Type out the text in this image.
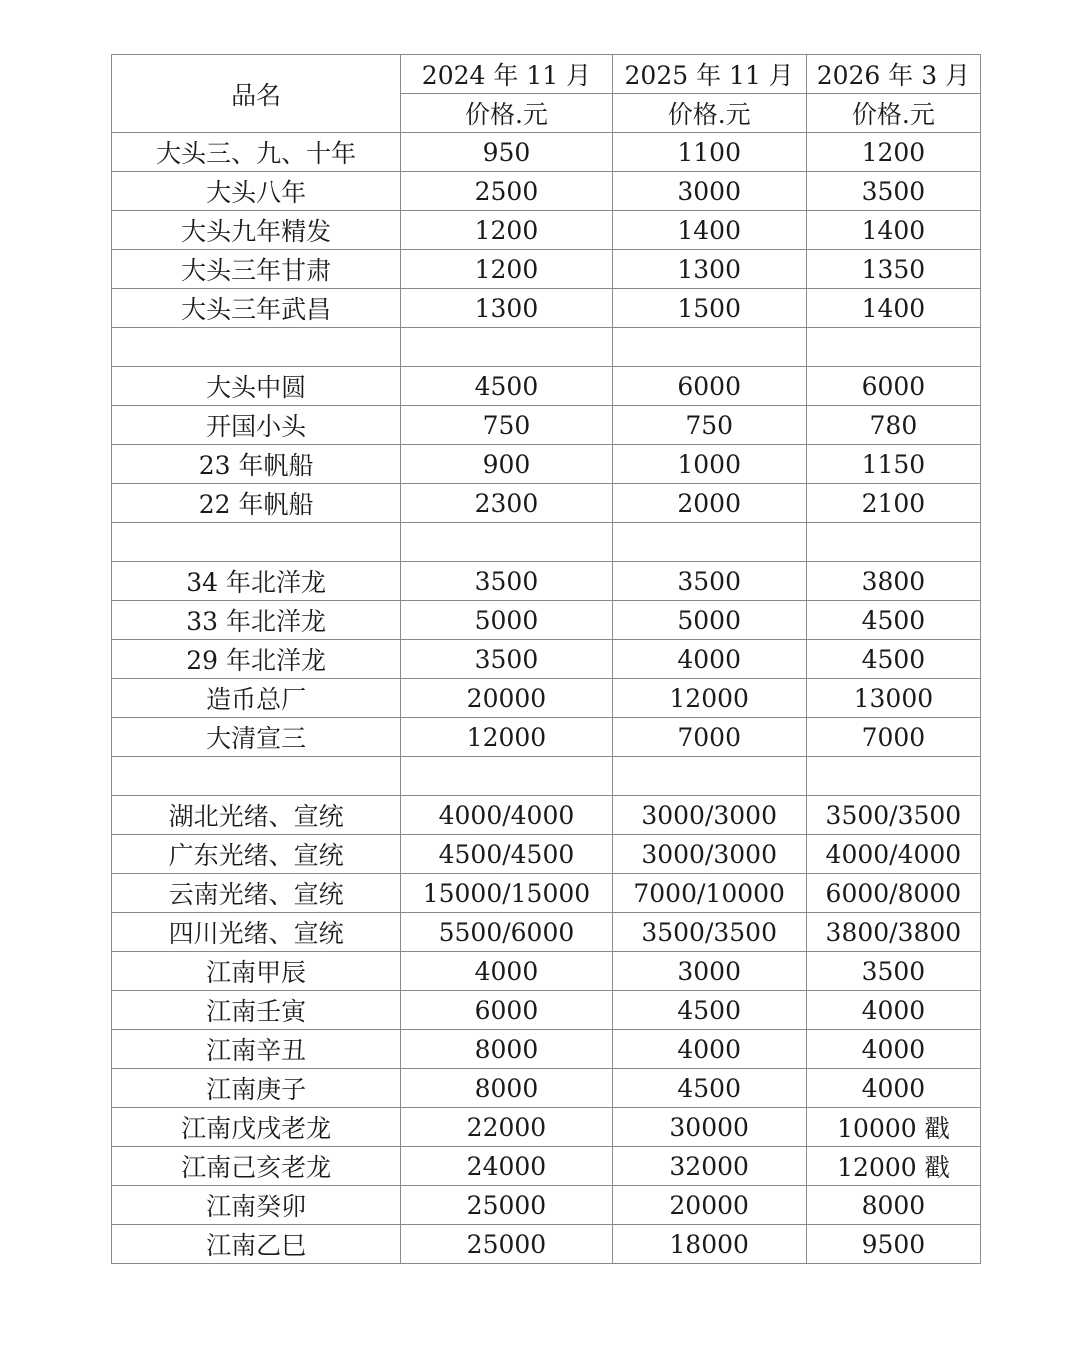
品名	2024 年 11 月	2025 年 11 月	2026 年 3 月
	价格.元	价格.元	价格.元
大头三、九、十年	950	1100	1200
大头八年	2500	3000	3500
大头九年精发	1200	1400	1400
大头三年甘肃	1200	1300	1350
大头三年武昌	1300	1500	1400

大头中圆	4500	6000	6000
开国小头	750	750	780
23 年帆船	900	1000	1150
22 年帆船	2300	2000	2100

34 年北洋龙	3500	3500	3800
33 年北洋龙	5000	5000	4500
29 年北洋龙	3500	4000	4500
造币总厂	20000	12000	13000
大清宣三	12000	7000	7000

湖北光绪、宣统	4000/4000	3000/3000	3500/3500
广东光绪、宣统	4500/4500	3000/3000	4000/4000
云南光绪、宣统	15000/15000	7000/10000	6000/8000
四川光绪、宣统	5500/6000	3500/3500	3800/3800
江南甲辰	4000	3000	3500
江南壬寅	6000	4500	4000
江南辛丑	8000	4000	4000
江南庚子	8000	4500	4000
江南戊戌老龙	22000	30000	10000 戳
江南己亥老龙	24000	32000	12000 戳
江南癸卯	25000	20000	8000
江南乙巳	25000	18000	9500
